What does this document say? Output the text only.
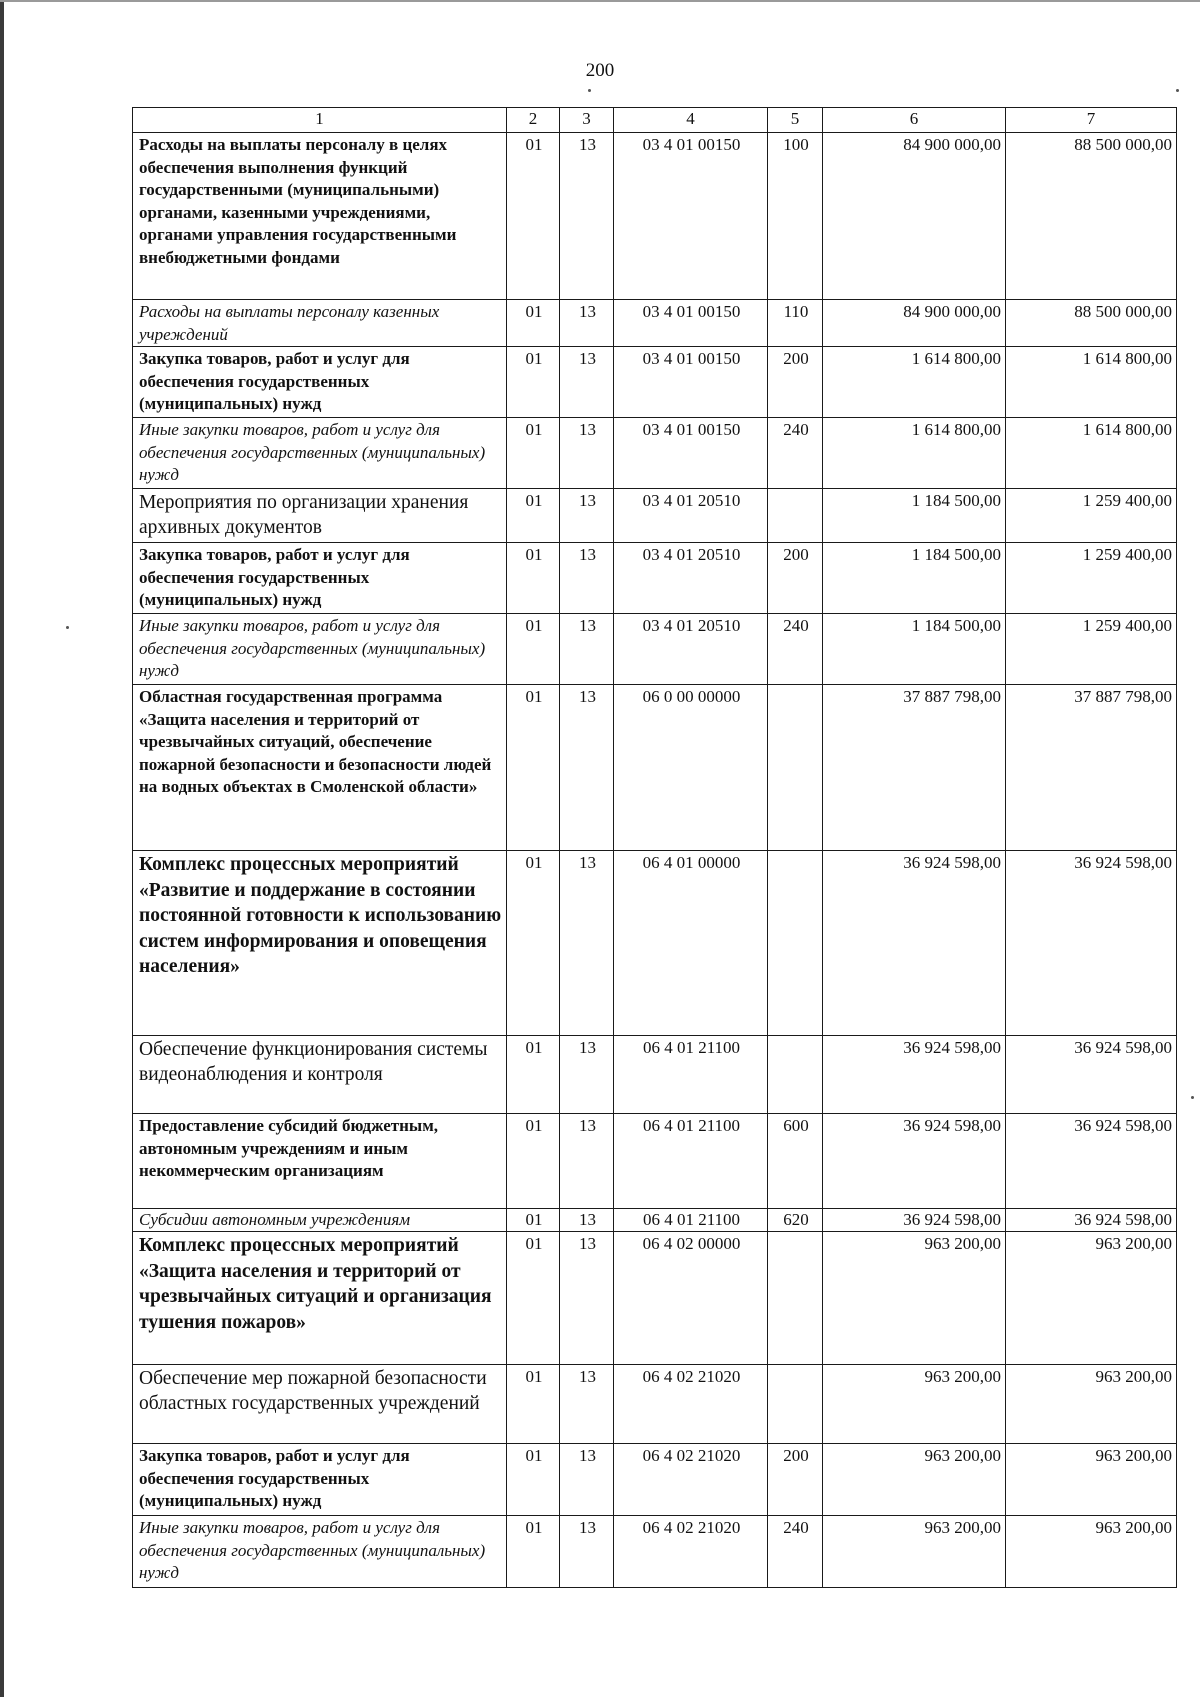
200
1	2	3	4	5	6	7
Расходы на выплаты персоналу в целях обеспечения выполнения функций государственными (муниципальными) органами, казенными учреждениями, органами управления государственными внебюджетными фондами	01	13	03 4 01 00150	100	84 900 000,00	88 500 000,00
Расходы на выплаты персоналу казенных учреждений	01	13	03 4 01 00150	110	84 900 000,00	88 500 000,00
Закупка товаров, работ и услуг для обеспечения государственных (муниципальных) нужд	01	13	03 4 01 00150	200	1 614 800,00	1 614 800,00
Иные закупки товаров, работ и услуг для обеспечения государственных (муниципальных) нужд	01	13	03 4 01 00150	240	1 614 800,00	1 614 800,00
Мероприятия по организации хранения архивных документов	01	13	03 4 01 20510		1 184 500,00	1 259 400,00
Закупка товаров, работ и услуг для обеспечения государственных (муниципальных) нужд	01	13	03 4 01 20510	200	1 184 500,00	1 259 400,00
Иные закупки товаров, работ и услуг для обеспечения государственных (муниципальных) нужд	01	13	03 4 01 20510	240	1 184 500,00	1 259 400,00
Областная государственная программа «Защита населения и территорий от чрезвычайных ситуаций, обеспечение пожарной безопасности и безопасности людей на водных объектах в Смоленской области»	01	13	06 0 00 00000		37 887 798,00	37 887 798,00
Комплекс процессных мероприятий «Развитие и поддержание в состоянии постоянной готовности к использованию систем информирования и оповещения населения»	01	13	06 4 01 00000		36 924 598,00	36 924 598,00
Обеспечение функционирования системы видеонаблюдения и контроля	01	13	06 4 01 21100		36 924 598,00	36 924 598,00
Предоставление субсидий бюджетным, автономным учреждениям и иным некоммерческим организациям	01	13	06 4 01 21100	600	36 924 598,00	36 924 598,00
Субсидии автономным учреждениям	01	13	06 4 01 21100	620	36 924 598,00	36 924 598,00
Комплекс процессных мероприятий «Защита населения и территорий от чрезвычайных ситуаций и организация тушения пожаров»	01	13	06 4 02 00000		963 200,00	963 200,00
Обеспечение мер пожарной безопасности областных государственных учреждений	01	13	06 4 02 21020		963 200,00	963 200,00
Закупка товаров, работ и услуг для обеспечения государственных (муниципальных) нужд	01	13	06 4 02 21020	200	963 200,00	963 200,00
Иные закупки товаров, работ и услуг для обеспечения государственных (муниципальных) нужд	01	13	06 4 02 21020	240	963 200,00	963 200,00
